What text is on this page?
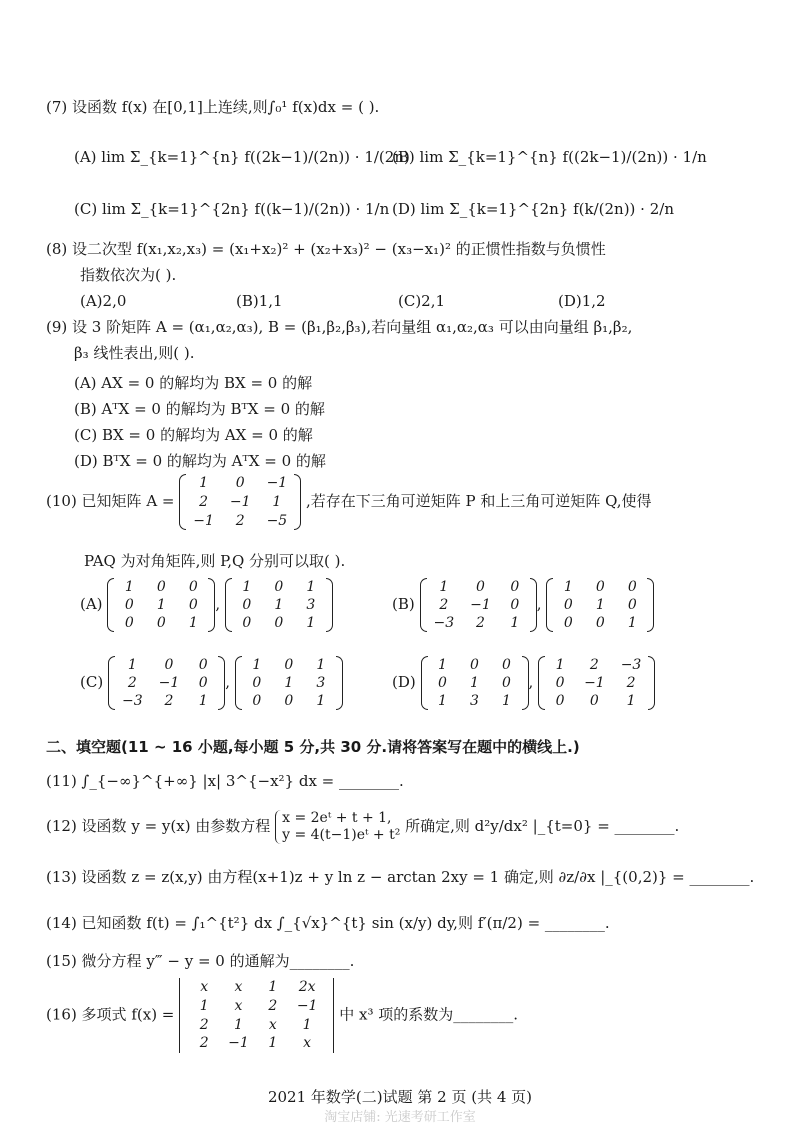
(7) 设函数 f(x) 在[0,1]上连续,则∫₀¹ f(x)dx = ( ).
(A) lim Σ_{k=1}^{n} f((2k−1)/(2n)) · 1/(2n)
(B) lim Σ_{k=1}^{n} f((2k−1)/(2n)) · 1/n
(C) lim Σ_{k=1}^{2n} f((k−1)/(2n)) · 1/n (D) lim Σ_{k=1}^{2n} f(k/(2n)) · 2/n
(8) 设二次型 f(x₁,x₂,x₃) = (x₁+x₂)² + (x₂+x₃)² − (x₃−x₁)² 的正惯性指数与负惯性
指数依次为( ).
(A)2,0	(B)1,1	(C)2,1	(D)1,2
(9) 设 3 阶矩阵 A = (α₁,α₂,α₃), B = (β₁,β₂,β₃),若向量组 α₁,α₂,α₃ 可以由向量组 β₁,β₂,
β₃ 线性表出,则( ).
(A) AX = 0 的解均为 BX = 0 的解
(B) AᵀX = 0 的解均为 BᵀX = 0 的解
(C) BX = 0 的解均为 AX = 0 的解
(D) BᵀX = 0 的解均为 AᵀX = 0 的解
(10) 已知矩阵 A =
1	0	−1
2	−1	1
−1	2	−5
,若存在下三角可逆矩阵 P 和上三角可逆矩阵 Q,使得
PAQ 为对角矩阵,则 P,Q 分别可以取( ).
(A)
1	0	0
0	1	0
0	0	1
,
1	0	1
0	1	3
0	0	1
(B)
1	0	0
2	−1	0
−3	2	1
,
1	0	0
0	1	0
0	0	1
(C)
1	0	0
2	−1	0
−3	2	1
,
1	0	1
0	1	3
0	0	1
(D)
1	0	0
0	1	0
1	3	1
,
1	2	−3
0	−1	2
0	0	1
二、填空题(11 ~ 16 小题,每小题 5 分,共 30 分.请将答案写在题中的横线上.)
(11) ∫_{−∞}^{+∞} |x| 3^{−x²} dx = ________.
(12) 设函数 y = y(x) 由参数方程 x = 2eᵗ + t + 1,
y = 4(t−1)eᵗ + t² 所确定,则 d²y/dx² |_{t=0} = ________.
(13) 设函数 z = z(x,y) 由方程(x+1)z + y ln z − arctan 2xy = 1 确定,则 ∂z/∂x |_{(0,2)} = ________.
(14) 已知函数 f(t) = ∫₁^{t²} dx ∫_{√x}^{t} sin (x/y) dy,则 f′(π/2) = ________.
(15) 微分方程 y‴ − y = 0 的通解为________.
(16) 多项式 f(x) =
x	x	1	2x
1	x	2	−1
2	1	x	1
2	−1	1	x
中 x³ 项的系数为________.
2021 年数学(二)试题 第 2 页 (共 4 页)
淘宝店铺: 光速考研工作室
